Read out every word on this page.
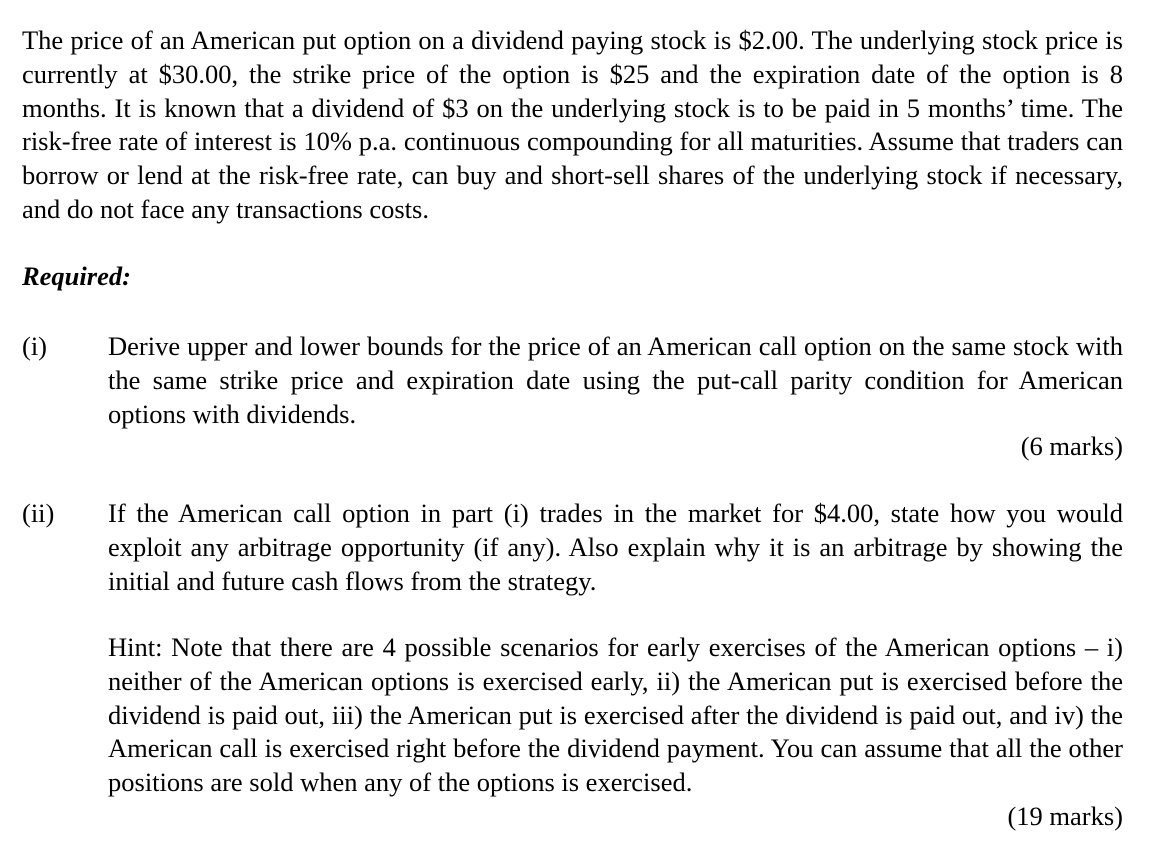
The price of an American put option on a dividend paying stock is $2.00. The underlying stock price is currently at $30.00, the strike price of the option is $25 and the expiration date of the option is 8 months. It is known that a dividend of $3 on the underlying stock is to be paid in 5 months’ time. The risk-free rate of interest is 10% p.a. continuous compounding for all maturities. Assume that traders can borrow or lend at the risk-free rate, can buy and short-sell shares of the underlying stock if necessary, and do not face any transactions costs.

Required:

(i) Derive upper and lower bounds for the price of an American call option on the same stock with the same strike price and expiration date using the put-call parity condition for American options with dividends.

(6 marks)

(ii) If the American call option in part (i) trades in the market for $4.00, state how you would exploit any arbitrage opportunity (if any). Also explain why it is an arbitrage by showing the initial and future cash flows from the strategy.

Hint: Note that there are 4 possible scenarios for early exercises of the American options – i) neither of the American options is exercised early, ii) the American put is exercised before the dividend is paid out, iii) the American put is exercised after the dividend is paid out, and iv) the American call is exercised right before the dividend payment. You can assume that all the other positions are sold when any of the options is exercised.

(19 marks)
